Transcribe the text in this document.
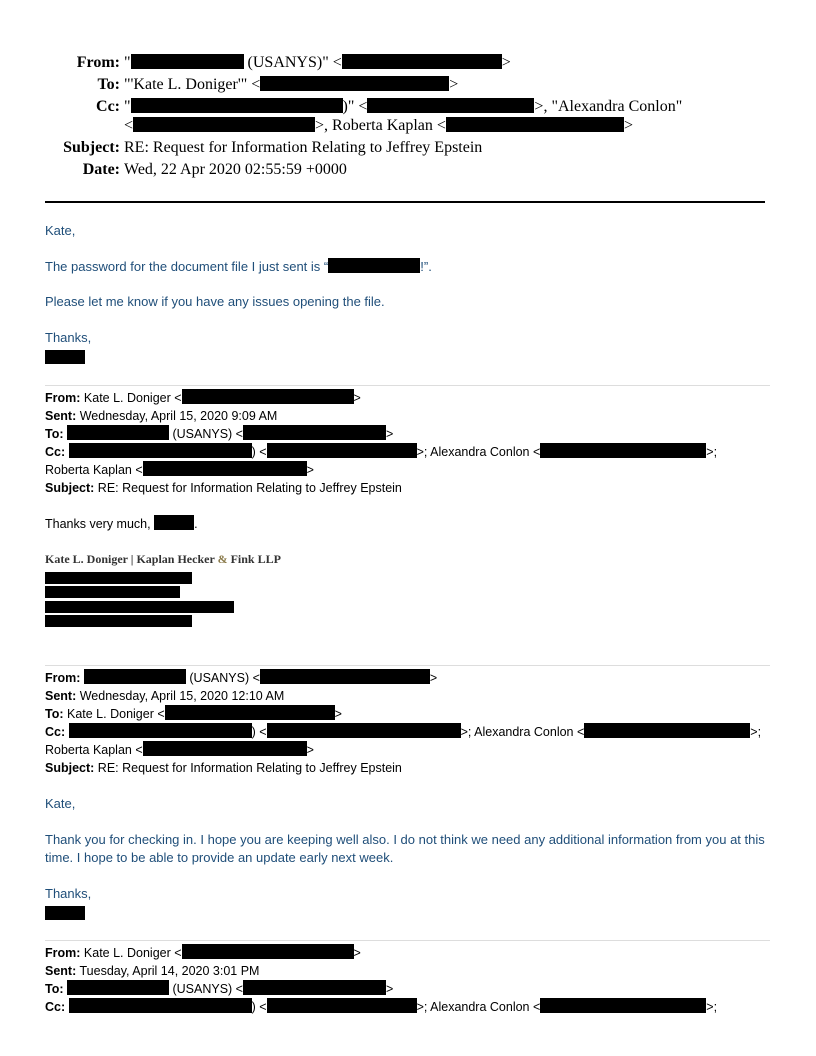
From: "	(USANYS)" <	>
To: "'Kate L. Doniger'" <	>
Cc: "	)" <	>, "Alexandra Conlon"
<	>, Roberta Kaplan <	>
Subject: RE: Request for Information Relating to Jeffrey Epstein
Date: Wed, 22 Apr 2020 02:55:59 +0000
Kate,
The password for the document file I just sent is “	!”.
Please let me know if you have any issues opening the file.
Thanks,
From: Kate L. Doniger <	>
Sent: Wednesday, April 15, 2020 9:09 AM
To:	(USANYS) <	>
Cc:	) <	>; Alexandra Conlon <	>;
Roberta Kaplan <	>
Subject: RE: Request for Information Relating to Jeffrey Epstein
Thanks very much,	.
Kate L. Doniger | Kaplan Hecker & Fink LLP
From:	(USANYS) <	>
Sent: Wednesday, April 15, 2020 12:10 AM
To: Kate L. Doniger <	>
Cc:	) <	>; Alexandra Conlon <	>;
Roberta Kaplan <	>
Subject: RE: Request for Information Relating to Jeffrey Epstein
Kate,
Thank you for checking in. I hope you are keeping well also. I do not think we need any additional information from you at this time. I hope to be able to provide an update early next week.
Thanks,
From: Kate L. Doniger <	>
Sent: Tuesday, April 14, 2020 3:01 PM
To:	(USANYS) <	>
Cc:	) <	>; Alexandra Conlon <	>;
